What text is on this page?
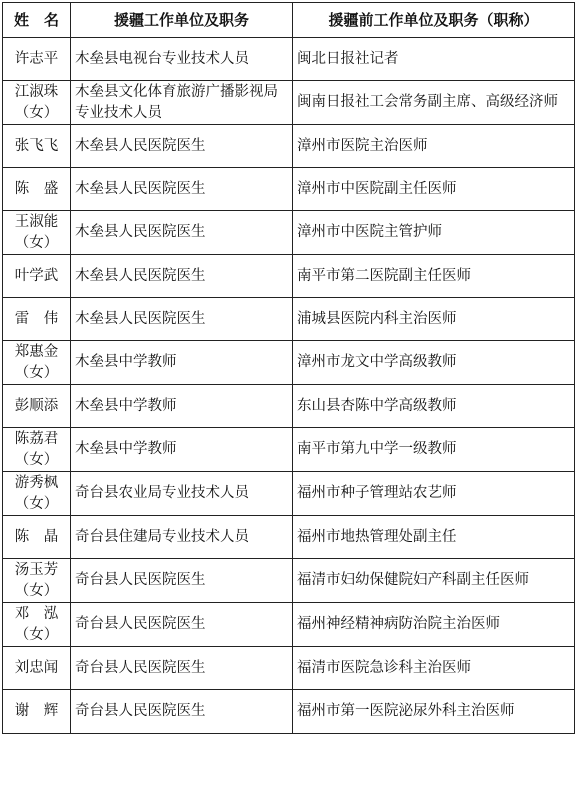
姓　名	援疆工作单位及职务	援疆前工作单位及职务（职称）

许志平	木垒县电视台专业技术人员	闽北日报社记者

江淑珠
（女）	木垒县文化体育旅游广播影视局专业技术人员	闽南日报社工会常务副主席、高级经济师

张飞飞	木垒县人民医院医生	漳州市医院主治医师

陈　盛	木垒县人民医院医生	漳州市中医院副主任医师

王淑能
（女）	木垒县人民医院医生	漳州市中医院主管护师

叶学武	木垒县人民医院医生	南平市第二医院副主任医师

雷　伟	木垒县人民医院医生	浦城县医院内科主治医师

郑惠金
（女）	木垒县中学教师	漳州市龙文中学高级教师

彭顺添	木垒县中学教师	东山县杏陈中学高级教师

陈荔君
（女）	木垒县中学教师	南平市第九中学一级教师

游秀枫
（女）	奇台县农业局专业技术人员	福州市种子管理站农艺师

陈　晶	奇台县住建局专业技术人员	福州市地热管理处副主任

汤玉芳
（女）	奇台县人民医院医生	福清市妇幼保健院妇产科副主任医师

邓　泓
（女）	奇台县人民医院医生	福州神经精神病防治院主治医师

刘忠闻	奇台县人民医院医生	福清市医院急诊科主治医师

谢　辉	奇台县人民医院医生	福州市第一医院泌尿外科主治医师
